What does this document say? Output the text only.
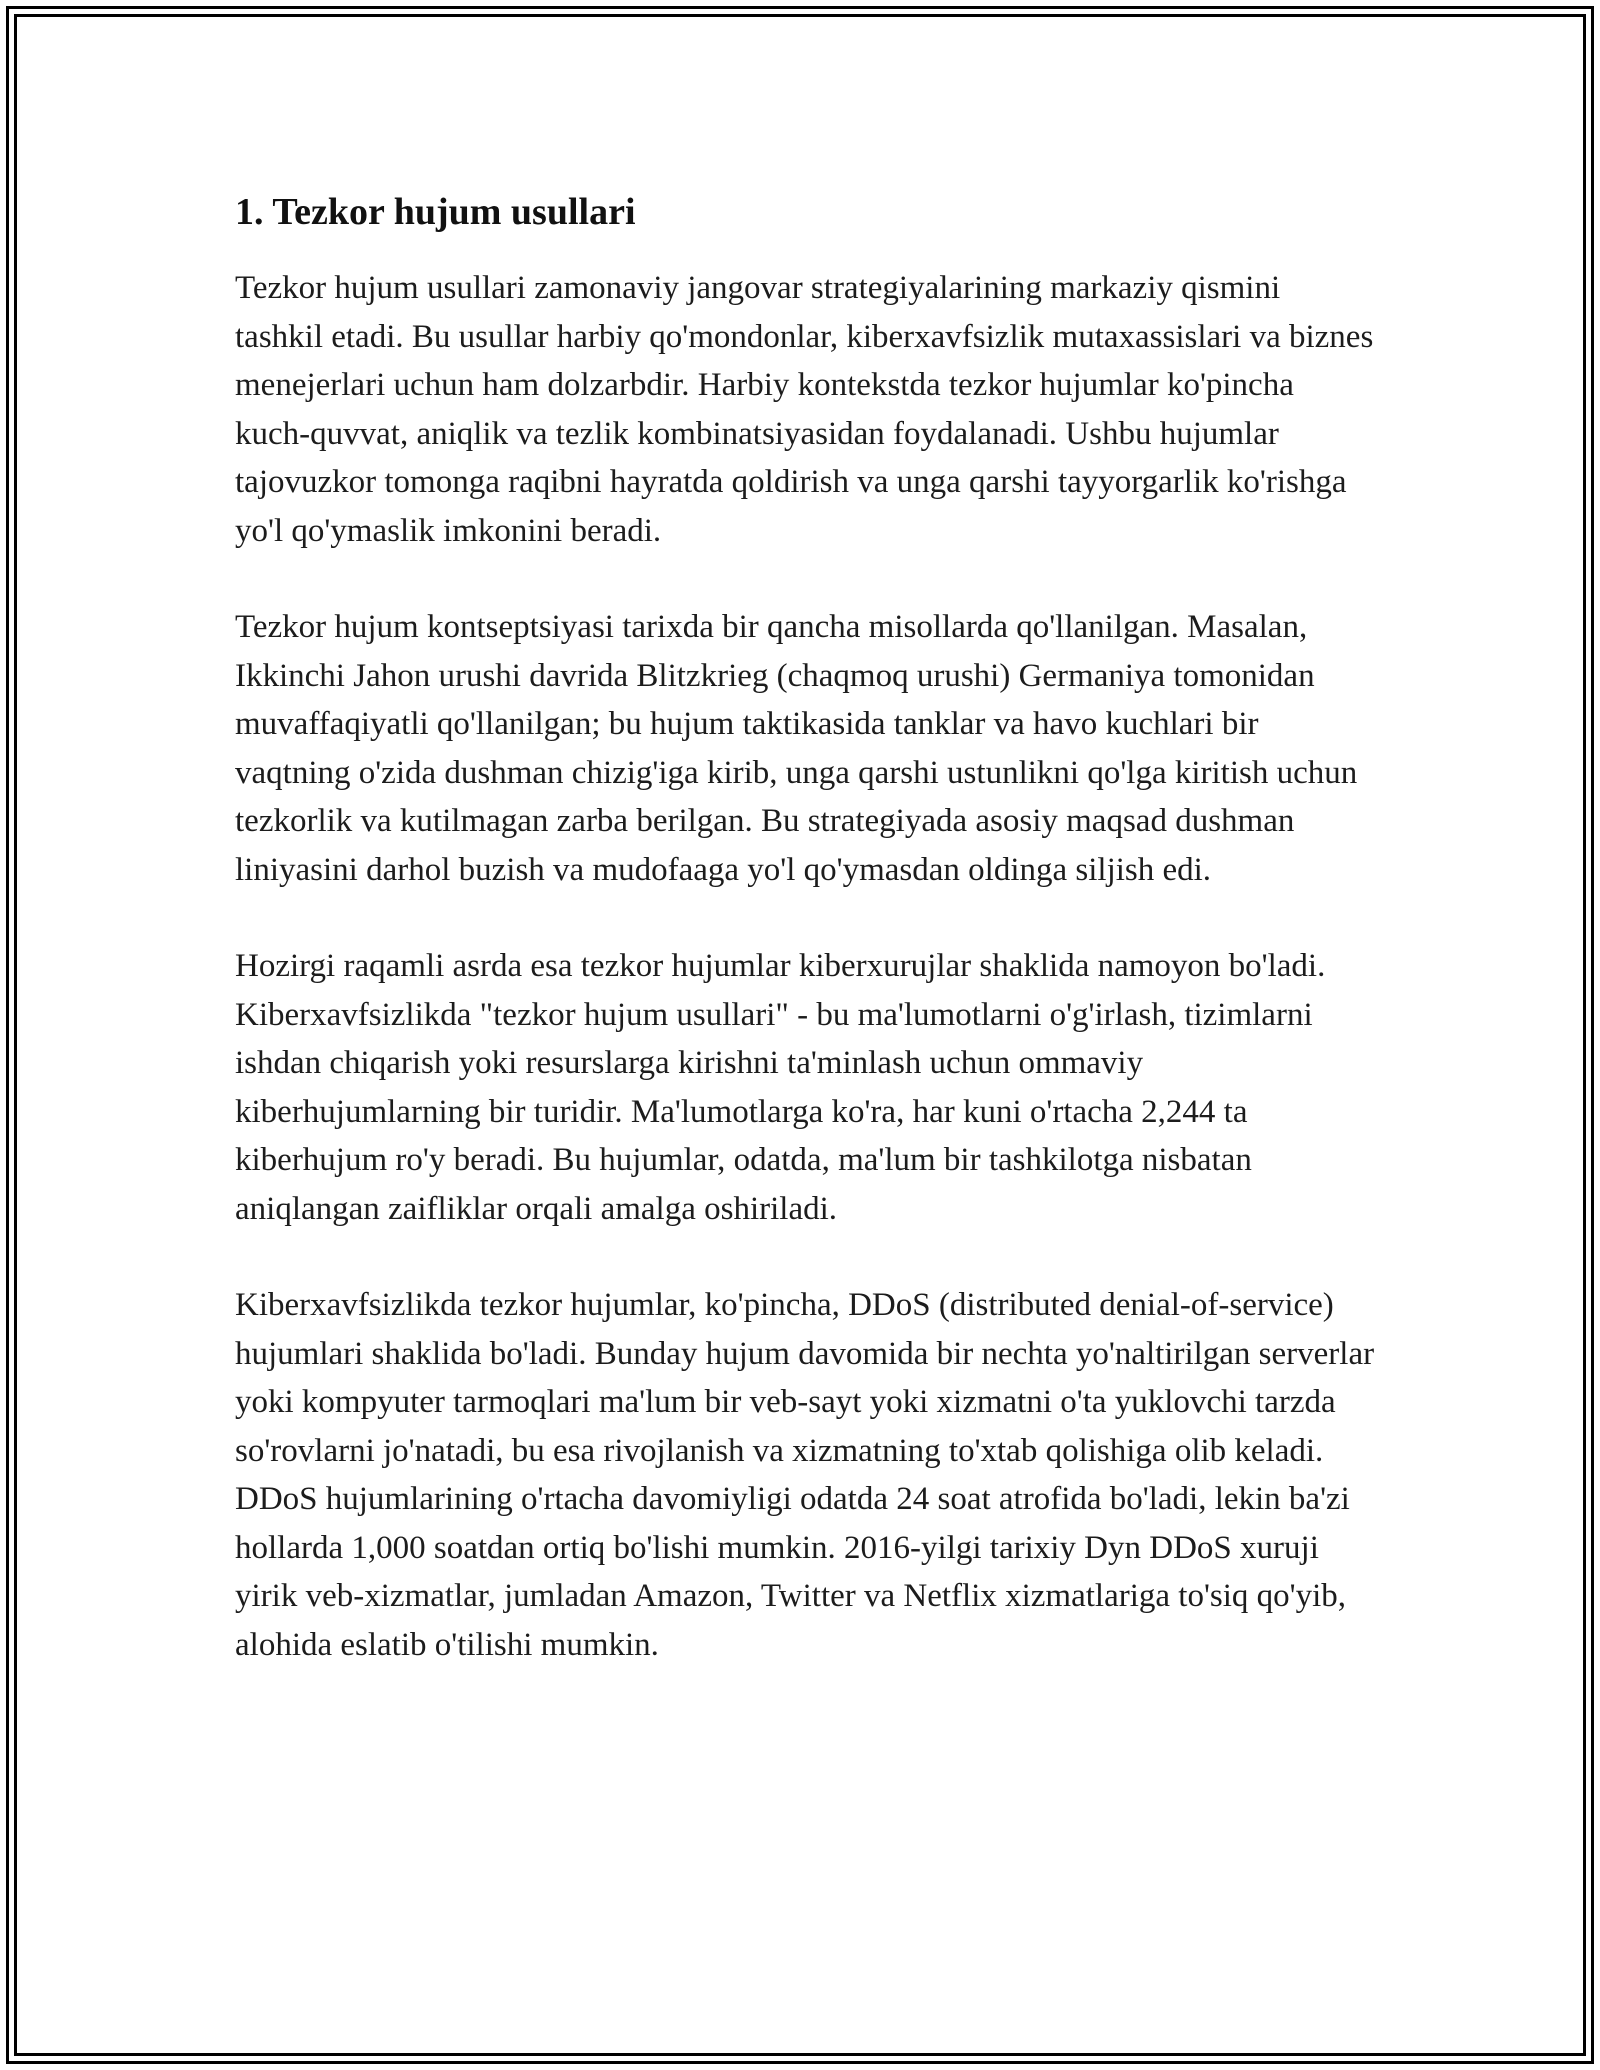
1. Tezkor hujum usullari

Tezkor hujum usullari zamonaviy jangovar strategiyalarining markaziy qismini tashkil etadi. Bu usullar harbiy qo'mondonlar, kiberxavfsizlik mutaxassislari va biznes menejerlari uchun ham dolzarbdir. Harbiy kontekstda tezkor hujumlar ko'pincha kuch-quvvat, aniqlik va tezlik kombinatsiyasidan foydalanadi. Ushbu hujumlar tajovuzkor tomonga raqibni hayratda qoldirish va unga qarshi tayyorgarlik ko'rishga yo'l qo'ymaslik imkonini beradi.

Tezkor hujum kontseptsiyasi tarixda bir qancha misollarda qo'llanilgan. Masalan, Ikkinchi Jahon urushi davrida Blitzkrieg (chaqmoq urushi) Germaniya tomonidan muvaffaqiyatli qo'llanilgan; bu hujum taktikasida tanklar va havo kuchlari bir vaqtning o'zida dushman chizig'iga kirib, unga qarshi ustunlikni qo'lga kiritish uchun tezkorlik va kutilmagan zarba berilgan. Bu strategiyada asosiy maqsad dushman liniyasini darhol buzish va mudofaaga yo'l qo'ymasdan oldinga siljish edi.

Hozirgi raqamli asrda esa tezkor hujumlar kiberxurujlar shaklida namoyon bo'ladi. Kiberxavfsizlikda "tezkor hujum usullari" - bu ma'lumotlarni o'g'irlash, tizimlarni ishdan chiqarish yoki resurslarga kirishni ta'minlash uchun ommaviy kiberhujumlarning bir turidir. Ma'lumotlarga ko'ra, har kuni o'rtacha 2,244 ta kiberhujum ro'y beradi. Bu hujumlar, odatda, ma'lum bir tashkilotga nisbatan aniqlangan zaifliklar orqali amalga oshiriladi.

Kiberxavfsizlikda tezkor hujumlar, ko'pincha, DDoS (distributed denial-of-service) hujumlari shaklida bo'ladi. Bunday hujum davomida bir nechta yo'naltirilgan serverlar yoki kompyuter tarmoqlari ma'lum bir veb-sayt yoki xizmatni o'ta yuklovchi tarzda so'rovlarni jo'natadi, bu esa rivojlanish va xizmatning to'xtab qolishiga olib keladi. DDoS hujumlarining o'rtacha davomiyligi odatda 24 soat atrofida bo'ladi, lekin ba'zi hollarda 1,000 soatdan ortiq bo'lishi mumkin. 2016-yilgi tarixiy Dyn DDoS xuruji yirik veb-xizmatlar, jumladan Amazon, Twitter va Netflix xizmatlariga to'siq qo'yib, alohida eslatib o'tilishi mumkin.
